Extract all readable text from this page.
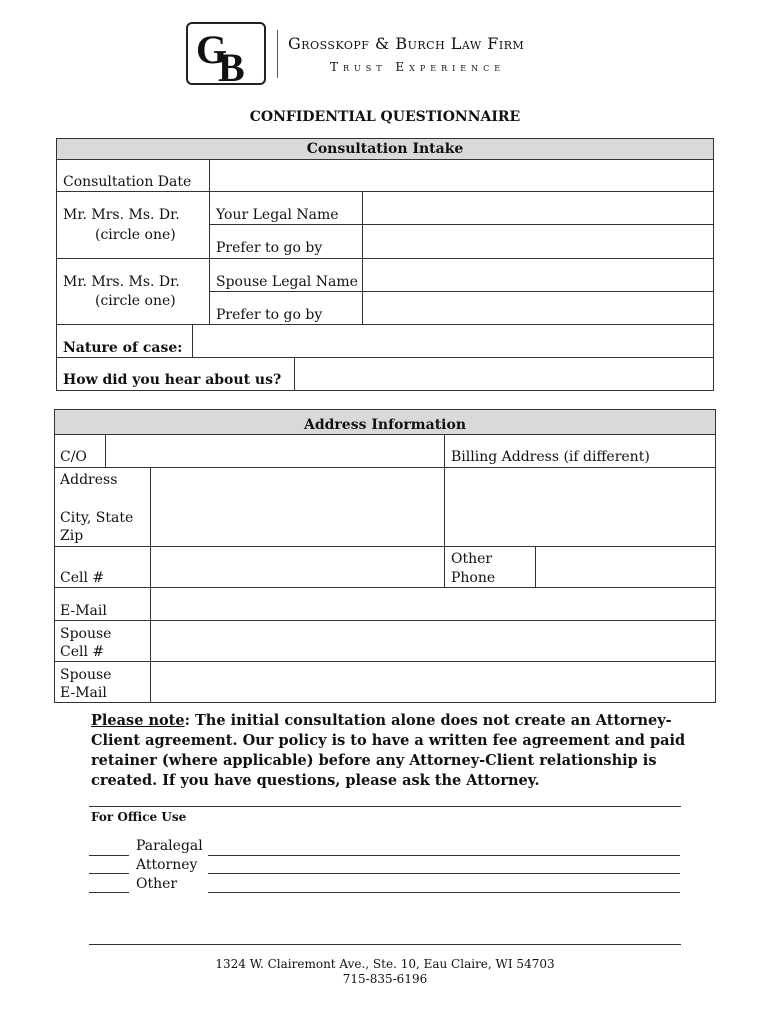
G
B
Grosskopf & Burch Law Firm
Trust Experience
CONFIDENTIAL QUESTIONNAIRE
Consultation Intake
Consultation Date
Mr. Mrs. Ms. Dr.
(circle one)
Your Legal Name
Prefer to go by
Mr. Mrs. Ms. Dr.
(circle one)
Spouse Legal Name
Prefer to go by
Nature of case:
How did you hear about us?
Address Information
C/O	Billing Address (if different)
Address
City, State
Zip
Cell #
Other
Phone
E-Mail
Spouse
Cell #
Spouse
E-Mail
Please note: The initial consultation alone does not create an Attorney-Client agreement. Our policy is to have a written fee agreement and paid retainer (where applicable) before any Attorney-Client relationship is created. If you have questions, please ask the Attorney.
For Office Use
Paralegal
Attorney
Other
1324 W. Clairemont Ave., Ste. 10, Eau Claire, WI 54703
715-835-6196
